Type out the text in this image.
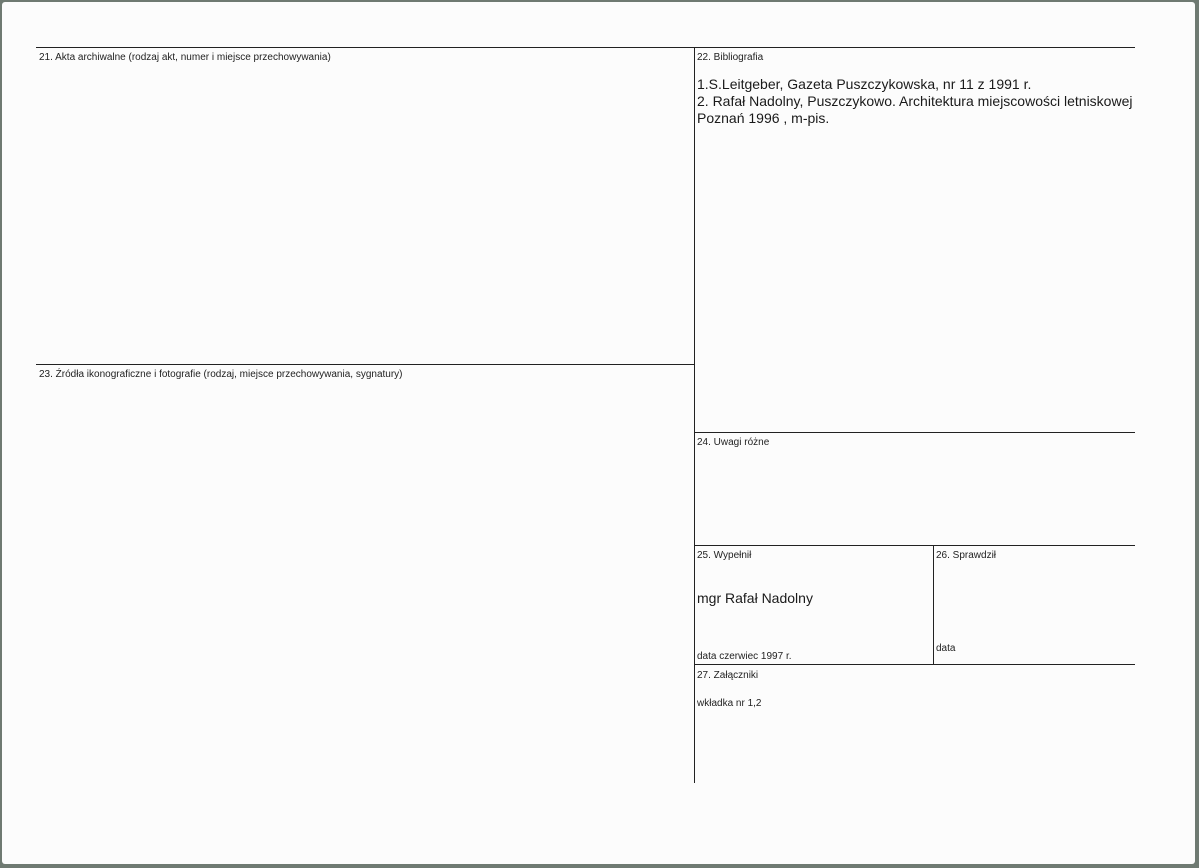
21. Akta archiwalne (rodzaj akt, numer i miejsce przechowywania)	22. Bibliografia
1.S.Leitgeber, Gazeta Puszczykowska, nr 11 z 1991 r.
2. Rafał Nadolny, Puszczykowo. Architektura miejscowości letniskowej
Poznań 1996 , m-pis.
23. Źródła ikonograficzne i fotografie (rodzaj, miejsce przechowywania, sygnatury)
24. Uwagi różne
25. Wypełnił
mgr Rafał Nadolny
data czerwiec 1997 r.
26. Sprawdził
data
27. Załączniki
wkładka nr 1,2
